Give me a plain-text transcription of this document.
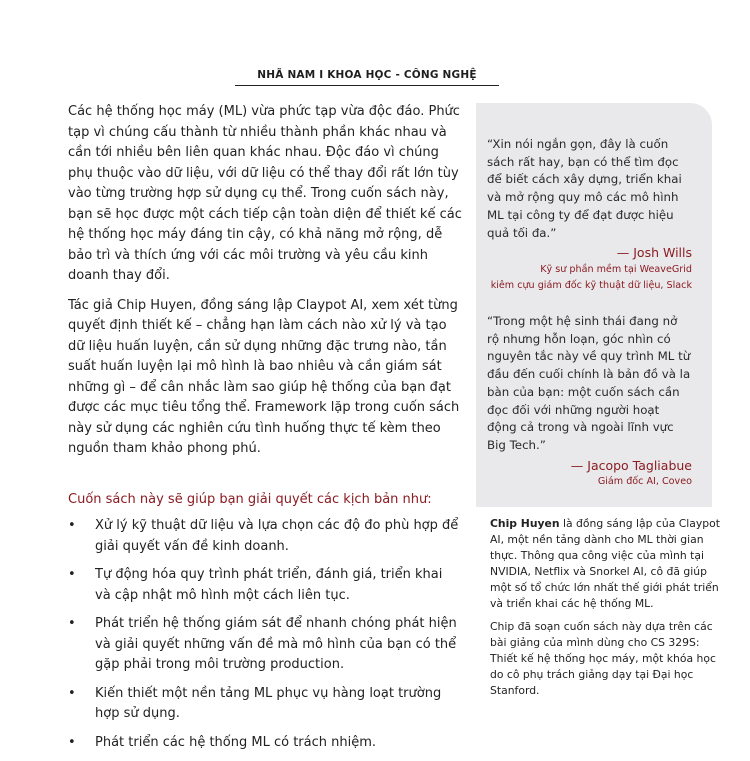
NHÃ NAM I KHOA HỌC - CÔNG NGHỆ

Các hệ thống học máy (ML) vừa phức tạp vừa độc đáo. Phức tạp vì chúng cấu thành từ nhiều thành phần khác nhau và cần tới nhiều bên liên quan khác nhau. Độc đáo vì chúng phụ thuộc vào dữ liệu, với dữ liệu có thể thay đổi rất lớn tùy vào từng trường hợp sử dụng cụ thể. Trong cuốn sách này, bạn sẽ học được một cách tiếp cận toàn diện để thiết kế các hệ thống học máy đáng tin cậy, có khả năng mở rộng, dễ bảo trì và thích ứng với các môi trường và yêu cầu kinh doanh thay đổi.

Tác giả Chip Huyen, đồng sáng lập Claypot AI, xem xét từng quyết định thiết kế – chẳng hạn làm cách nào xử lý và tạo dữ liệu huấn luyện, cần sử dụng những đặc trưng nào, tần suất huấn luyện lại mô hình là bao nhiêu và cần giám sát những gì – để cân nhắc làm sao giúp hệ thống của bạn đạt được các mục tiêu tổng thể. Framework lặp trong cuốn sách này sử dụng các nghiên cứu tình huống thực tế kèm theo nguồn tham khảo phong phú.

Cuốn sách này sẽ giúp bạn giải quyết các kịch bản như:

• Xử lý kỹ thuật dữ liệu và lựa chọn các độ đo phù hợp để giải quyết vấn đề kinh doanh.
• Tự động hóa quy trình phát triển, đánh giá, triển khai và cập nhật mô hình một cách liên tục.
• Phát triển hệ thống giám sát để nhanh chóng phát hiện và giải quyết những vấn đề mà mô hình của bạn có thể gặp phải trong môi trường production.
• Kiến thiết một nền tảng ML phục vụ hàng loạt trường hợp sử dụng.
• Phát triển các hệ thống ML có trách nhiệm.
“Xin nói ngắn gọn, đây là cuốn sách rất hay, bạn có thể tìm đọc để biết cách xây dựng, triển khai và mở rộng quy mô các mô hình ML tại công ty để đạt được hiệu quả tối đa.”
— Josh Wills
Kỹ sư phần mềm tại WeaveGrid
kiêm cựu giám đốc kỹ thuật dữ liệu, Slack
“Trong một hệ sinh thái đang nở rộ nhưng hỗn loạn, góc nhìn có nguyên tắc này về quy trình ML từ đầu đến cuối chính là bản đồ và la bàn của bạn: một cuốn sách cần đọc đối với những người hoạt động cả trong và ngoài lĩnh vực Big Tech.”
— Jacopo Tagliabue
Giám đốc AI, Coveo

Chip Huyen là đồng sáng lập của Claypot AI, một nền tảng dành cho ML thời gian thực. Thông qua công việc của mình tại NVIDIA, Netflix và Snorkel AI, cô đã giúp một số tổ chức lớn nhất thế giới phát triển và triển khai các hệ thống ML.

Chip đã soạn cuốn sách này dựa trên các bài giảng của mình dùng cho CS 329S: Thiết kế hệ thống học máy, một khóa học do cô phụ trách giảng dạy tại Đại học Stanford.
